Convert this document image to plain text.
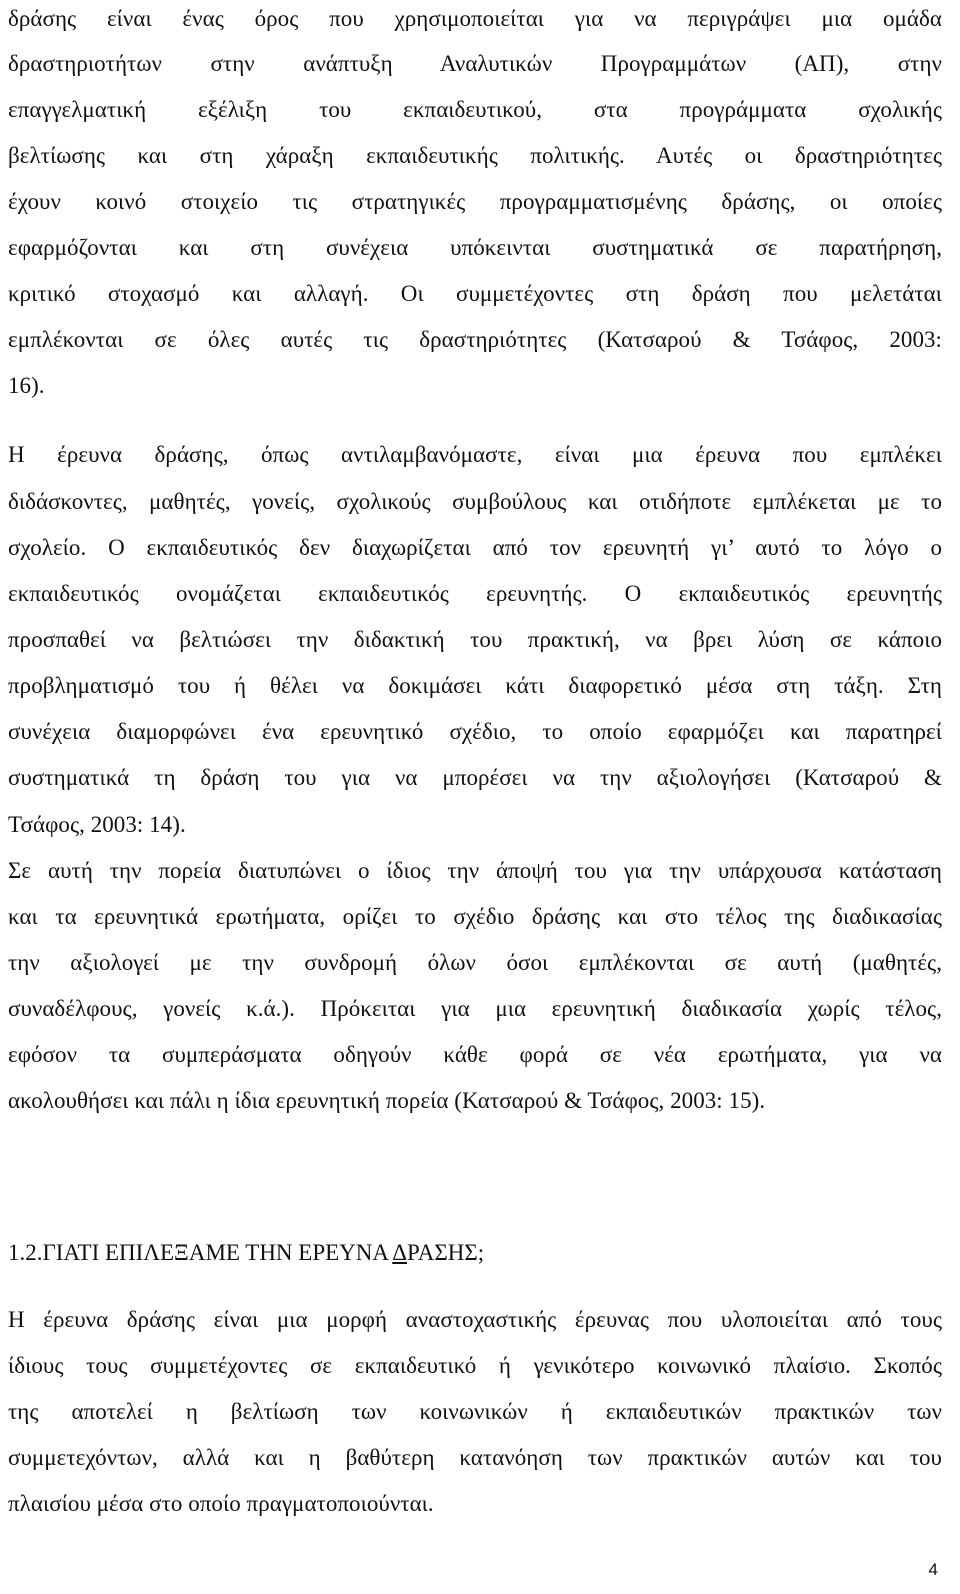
δράσης είναι ένας όρος που χρησιμοποιείται για να περιγράψει μια ομάδα
δραστηριοτήτων στην ανάπτυξη Αναλυτικών Προγραμμάτων (ΑΠ), στην
επαγγελματική εξέλιξη του εκπαιδευτικού, στα προγράμματα σχολικής
βελτίωσης και στη χάραξη εκπαιδευτικής πολιτικής. Αυτές οι δραστηριότητες
έχουν κοινό στοιχείο τις στρατηγικές προγραμματισμένης δράσης, οι οποίες
εφαρμόζονται και στη συνέχεια υπόκεινται συστηματικά σε παρατήρηση,
κριτικό στοχασμό και αλλαγή. Οι συμμετέχοντες στη δράση που μελετάται
εμπλέκονται σε όλες αυτές τις δραστηριότητες (Κατσαρού & Τσάφος, 2003:
16).
Η έρευνα δράσης, όπως αντιλαμβανόμαστε, είναι μια έρευνα που εμπλέκει
διδάσκοντες, μαθητές, γονείς, σχολικούς συμβούλους και οτιδήποτε εμπλέκεται με το
σχολείο. Ο εκπαιδευτικός δεν διαχωρίζεται από τον ερευνητή γι’ αυτό το λόγο ο
εκπαιδευτικός ονομάζεται εκπαιδευτικός ερευνητής. Ο εκπαιδευτικός ερευνητής
προσπαθεί να βελτιώσει την διδακτική του πρακτική, να βρει λύση σε κάποιο
προβληματισμό του ή θέλει να δοκιμάσει κάτι διαφορετικό μέσα στη τάξη. Στη
συνέχεια διαμορφώνει ένα ερευνητικό σχέδιο, το οποίο εφαρμόζει και παρατηρεί
συστηματικά τη δράση του για να μπορέσει να την αξιολογήσει (Κατσαρού &
Τσάφος, 2003: 14).
Σε αυτή την πορεία διατυπώνει ο ίδιος την άποψή του για την υπάρχουσα κατάσταση
και τα ερευνητικά ερωτήματα, ορίζει το σχέδιο δράσης και στο τέλος της διαδικασίας
την αξιολογεί με την συνδρομή όλων όσοι εμπλέκονται σε αυτή (μαθητές,
συναδέλφους, γονείς κ.ά.). Πρόκειται για μια ερευνητική διαδικασία χωρίς τέλος,
εφόσον τα συμπεράσματα οδηγούν κάθε φορά σε νέα ερωτήματα, για να
ακολουθήσει και πάλι η ίδια ερευνητική πορεία (Κατσαρού & Τσάφος, 2003: 15).
1.2.ΓΙΑΤΙ ΕΠΙΛΕΞΑΜΕ ΤΗΝ ΕΡΕΥΝΑ ΔΡΑΣΗΣ;
Η έρευνα δράσης είναι μια μορφή αναστοχαστικής έρευνας που υλοποιείται από τους
ίδιους τους συμμετέχοντες σε εκπαιδευτικό ή γενικότερο κοινωνικό πλαίσιο. Σκοπός
της αποτελεί η βελτίωση των κοινωνικών ή εκπαιδευτικών πρακτικών των
συμμετεχόντων, αλλά και η βαθύτερη κατανόηση των πρακτικών αυτών και του
πλαισίου μέσα στο οποίο πραγματοποιούνται.
4
